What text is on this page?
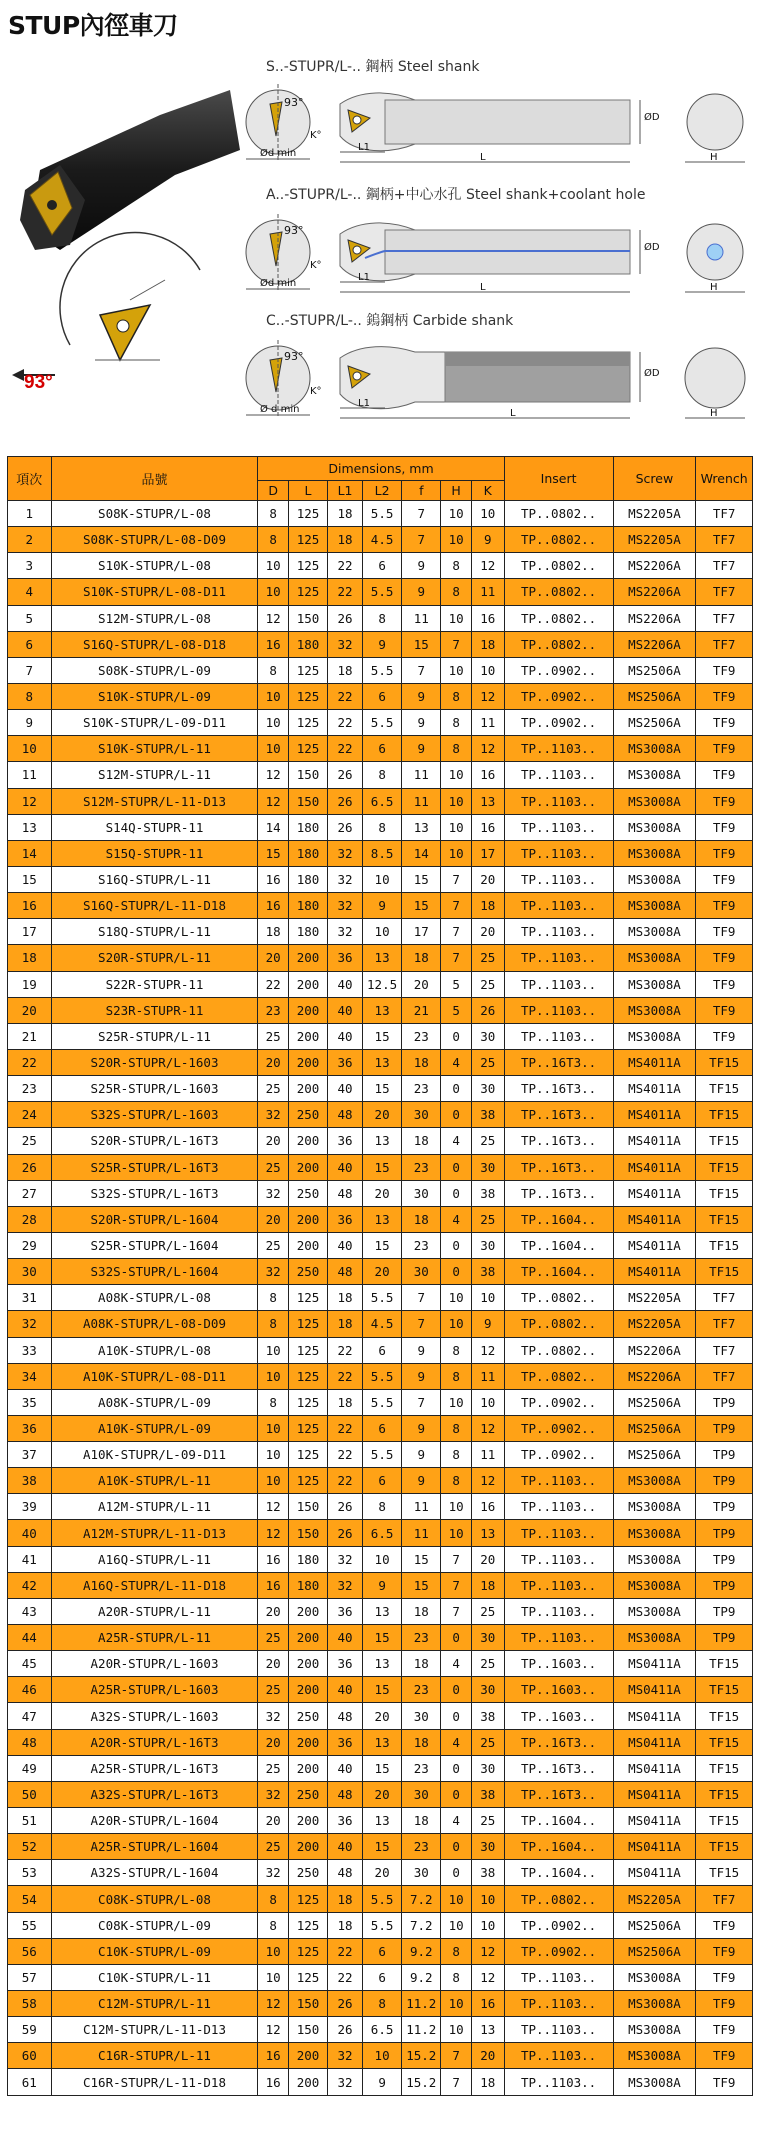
STUP內徑車刀
93°
S..-STUPR/L-.. 鋼柄 Steel shank
93°
K°
Ød min
L1
L
ØD
H
A..-STUPR/L-.. 鋼柄+中心水孔 Steel shank+coolant hole
93°
K°
Ød min
L1
L
ØD
H
C..-STUPR/L-.. 鎢鋼柄 Carbide shank
93°
K°
Ø d min
L1
L
ØD
H
項次	品號	Dimensions, mm							Insert	Screw	Wrench
		D	L	L1	L2	f	H	K			
1	S08K-STUPR/L-08	8	125	18	5.5	7	10	10	TP..0802..	MS2205A	TF7
2	S08K-STUPR/L-08-D09	8	125	18	4.5	7	10	9	TP..0802..	MS2205A	TF7
3	S10K-STUPR/L-08	10	125	22	6	9	8	12	TP..0802..	MS2206A	TF7
4	S10K-STUPR/L-08-D11	10	125	22	5.5	9	8	11	TP..0802..	MS2206A	TF7
5	S12M-STUPR/L-08	12	150	26	8	11	10	16	TP..0802..	MS2206A	TF7
6	S16Q-STUPR/L-08-D18	16	180	32	9	15	7	18	TP..0802..	MS2206A	TF7
7	S08K-STUPR/L-09	8	125	18	5.5	7	10	10	TP..0902..	MS2506A	TF9
8	S10K-STUPR/L-09	10	125	22	6	9	8	12	TP..0902..	MS2506A	TF9
9	S10K-STUPR/L-09-D11	10	125	22	5.5	9	8	11	TP..0902..	MS2506A	TF9
10	S10K-STUPR/L-11	10	125	22	6	9	8	12	TP..1103..	MS3008A	TF9
11	S12M-STUPR/L-11	12	150	26	8	11	10	16	TP..1103..	MS3008A	TF9
12	S12M-STUPR/L-11-D13	12	150	26	6.5	11	10	13	TP..1103..	MS3008A	TF9
13	S14Q-STUPR-11	14	180	26	8	13	10	16	TP..1103..	MS3008A	TF9
14	S15Q-STUPR-11	15	180	32	8.5	14	10	17	TP..1103..	MS3008A	TF9
15	S16Q-STUPR/L-11	16	180	32	10	15	7	20	TP..1103..	MS3008A	TF9
16	S16Q-STUPR/L-11-D18	16	180	32	9	15	7	18	TP..1103..	MS3008A	TF9
17	S18Q-STUPR/L-11	18	180	32	10	17	7	20	TP..1103..	MS3008A	TF9
18	S20R-STUPR/L-11	20	200	36	13	18	7	25	TP..1103..	MS3008A	TF9
19	S22R-STUPR-11	22	200	40	12.5	20	5	25	TP..1103..	MS3008A	TF9
20	S23R-STUPR-11	23	200	40	13	21	5	26	TP..1103..	MS3008A	TF9
21	S25R-STUPR/L-11	25	200	40	15	23	0	30	TP..1103..	MS3008A	TF9
22	S20R-STUPR/L-1603	20	200	36	13	18	4	25	TP..16T3..	MS4011A	TF15
23	S25R-STUPR/L-1603	25	200	40	15	23	0	30	TP..16T3..	MS4011A	TF15
24	S32S-STUPR/L-1603	32	250	48	20	30	0	38	TP..16T3..	MS4011A	TF15
25	S20R-STUPR/L-16T3	20	200	36	13	18	4	25	TP..16T3..	MS4011A	TF15
26	S25R-STUPR/L-16T3	25	200	40	15	23	0	30	TP..16T3..	MS4011A	TF15
27	S32S-STUPR/L-16T3	32	250	48	20	30	0	38	TP..16T3..	MS4011A	TF15
28	S20R-STUPR/L-1604	20	200	36	13	18	4	25	TP..1604..	MS4011A	TF15
29	S25R-STUPR/L-1604	25	200	40	15	23	0	30	TP..1604..	MS4011A	TF15
30	S32S-STUPR/L-1604	32	250	48	20	30	0	38	TP..1604..	MS4011A	TF15
31	A08K-STUPR/L-08	8	125	18	5.5	7	10	10	TP..0802..	MS2205A	TF7
32	A08K-STUPR/L-08-D09	8	125	18	4.5	7	10	9	TP..0802..	MS2205A	TF7
33	A10K-STUPR/L-08	10	125	22	6	9	8	12	TP..0802..	MS2206A	TF7
34	A10K-STUPR/L-08-D11	10	125	22	5.5	9	8	11	TP..0802..	MS2206A	TF7
35	A08K-STUPR/L-09	8	125	18	5.5	7	10	10	TP..0902..	MS2506A	TP9
36	A10K-STUPR/L-09	10	125	22	6	9	8	12	TP..0902..	MS2506A	TP9
37	A10K-STUPR/L-09-D11	10	125	22	5.5	9	8	11	TP..0902..	MS2506A	TP9
38	A10K-STUPR/L-11	10	125	22	6	9	8	12	TP..1103..	MS3008A	TP9
39	A12M-STUPR/L-11	12	150	26	8	11	10	16	TP..1103..	MS3008A	TP9
40	A12M-STUPR/L-11-D13	12	150	26	6.5	11	10	13	TP..1103..	MS3008A	TP9
41	A16Q-STUPR/L-11	16	180	32	10	15	7	20	TP..1103..	MS3008A	TP9
42	A16Q-STUPR/L-11-D18	16	180	32	9	15	7	18	TP..1103..	MS3008A	TP9
43	A20R-STUPR/L-11	20	200	36	13	18	7	25	TP..1103..	MS3008A	TP9
44	A25R-STUPR/L-11	25	200	40	15	23	0	30	TP..1103..	MS3008A	TP9
45	A20R-STUPR/L-1603	20	200	36	13	18	4	25	TP..1603..	MS0411A	TF15
46	A25R-STUPR/L-1603	25	200	40	15	23	0	30	TP..1603..	MS0411A	TF15
47	A32S-STUPR/L-1603	32	250	48	20	30	0	38	TP..1603..	MS0411A	TF15
48	A20R-STUPR/L-16T3	20	200	36	13	18	4	25	TP..16T3..	MS0411A	TF15
49	A25R-STUPR/L-16T3	25	200	40	15	23	0	30	TP..16T3..	MS0411A	TF15
50	A32S-STUPR/L-16T3	32	250	48	20	30	0	38	TP..16T3..	MS0411A	TF15
51	A20R-STUPR/L-1604	20	200	36	13	18	4	25	TP..1604..	MS0411A	TF15
52	A25R-STUPR/L-1604	25	200	40	15	23	0	30	TP..1604..	MS0411A	TF15
53	A32S-STUPR/L-1604	32	250	48	20	30	0	38	TP..1604..	MS0411A	TF15
54	C08K-STUPR/L-08	8	125	18	5.5	7.2	10	10	TP..0802..	MS2205A	TF7
55	C08K-STUPR/L-09	8	125	18	5.5	7.2	10	10	TP..0902..	MS2506A	TF9
56	C10K-STUPR/L-09	10	125	22	6	9.2	8	12	TP..0902..	MS2506A	TF9
57	C10K-STUPR/L-11	10	125	22	6	9.2	8	12	TP..1103..	MS3008A	TF9
58	C12M-STUPR/L-11	12	150	26	8	11.2	10	16	TP..1103..	MS3008A	TF9
59	C12M-STUPR/L-11-D13	12	150	26	6.5	11.2	10	13	TP..1103..	MS3008A	TF9
60	C16R-STUPR/L-11	16	200	32	10	15.2	7	20	TP..1103..	MS3008A	TF9
61	C16R-STUPR/L-11-D18	16	200	32	9	15.2	7	18	TP..1103..	MS3008A	TF9
